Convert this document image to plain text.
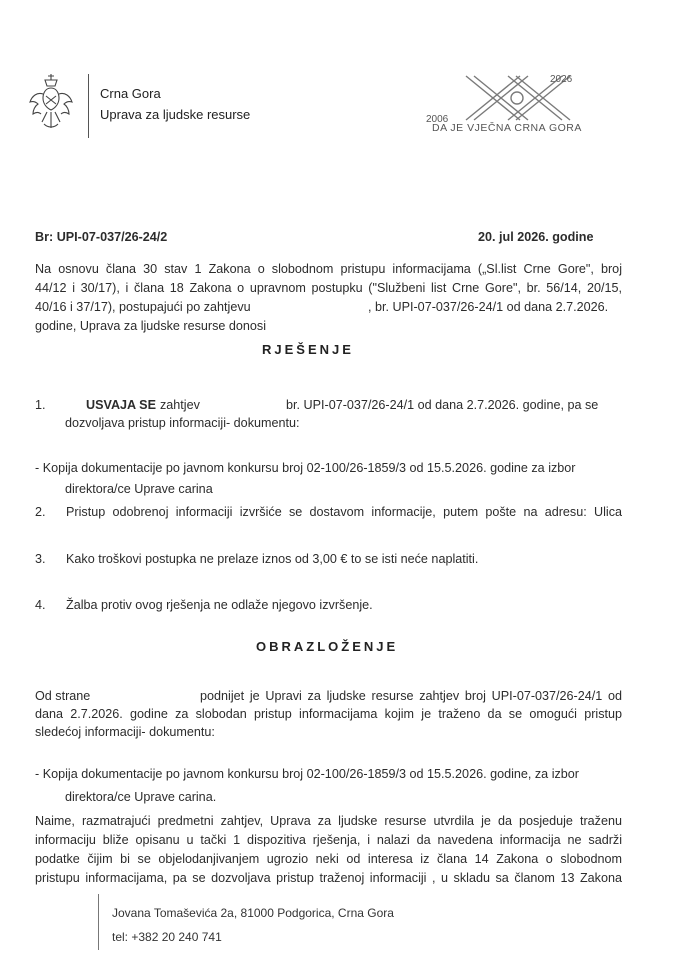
Crna Gora
Uprava za ljudske resurse	2006
2026
DA JE VJEČNA CRNA GORA
Br: UPI-07-037/26-24/2	20. jul 2026. godine
Na osnovu člana 30 stav 1 Zakona o slobodnom pristupu informacijama („Sl.list Crne Gore", broj
44/12 i 30/17), i člana 18 Zakona o upravnom postupku ("Službeni list Crne Gore", br. 56/14, 20/15,
40/16 i 37/17), postupajući po zahtjevu	, br. UPI-07-037/26-24/1 od dana 2.7.2026.
godine, Uprava za ljudske resurse donosi
RJEŠENJE
1.	USVAJA SE zahtjev	br. UPI-07-037/26-24/1 od dana 2.7.2026. godine, pa se
dozvoljava pristup informaciji- dokumentu:
- Kopija dokumentacije po javnom konkursu broj 02-100/26-1859/3 od 15.5.2026. godine za izbor
direktora/ce Uprave carina
2. Pristup odobrenoj informaciji izvršiće se dostavom informacije, putem pošte na adresu: Ulica
3. Kako troškovi postupka ne prelaze iznos od 3,00 € to se isti neće naplatiti.
4. Žalba protiv ovog rješenja ne odlaže njegovo izvršenje.
OBRAZLOŽENJE
Od strane	podnijet je Upravi za ljudske resurse zahtjev broj UPI-07-037/26-24/1 od
dana 2.7.2026. godine za slobodan pristup informacijama kojim je traženo da se omogući pristup
sledećoj informaciji- dokumentu:
- Kopija dokumentacije po javnom konkursu broj 02-100/26-1859/3 od 15.5.2026. godine, za izbor
direktora/ce Uprave carina.
Naime, razmatrajući predmetni zahtjev, Uprava za ljudske resurse utvrdila je da posjeduje traženu
informaciju bliže opisanu u tački 1 dispozitiva rješenja, i nalazi da navedena informacija ne sadrži
podatke čijim bi se objelodanjivanjem ugrozio neki od interesa iz člana 14 Zakona o slobodnom
pristupu informacijama, pa se dozvoljava pristup traženoj informaciji , u skladu sa članom 13 Zakona
Jovana Tomaševića 2a, 81000 Podgorica, Crna Gora
tel: +382 20 240 741
